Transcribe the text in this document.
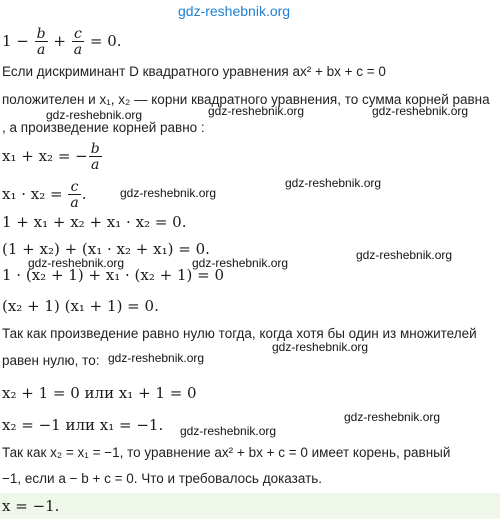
gdz-reshebnik.org
$1 - \frac{b}{a} + \frac{c}{a} = 0$.
Если дискриминант D квадратного уравнения ax² + bx + c = 0
положителен и x₁, x₂ — корни квадратного уравнения, то сумма корней равна
, а произведение корней равно :
gdz-reshebnik.org	gdz-reshebnik.org	gdz-reshebnik.org
x₁ + x₂ = − $\frac{b}{a}$
$x_1 \cdot x_2 = \frac{c}{a}$ .	gdz-reshebnik.org
gdz-reshebnik.org
1 + x₁ + x₂ + x₁ · x₂ = 0.
(1 + x₂) + (x₁ · x₂ + x₁) = 0.
gdz-reshebnik.org	gdz-reshebnik.org
gdz-reshebnik.org
1 · (x₂ + 1) + x₁ · (x₂ + 1) = 0
(x₂ + 1) (x₁ + 1) = 0.
Так как произведение равно нулю тогда, когда хотя бы один из множителей
gdz-reshebnik.org
равен нулю, то: gdz-reshebnik.org
x₂ + 1 = 0 или x₁ + 1 = 0
x₂ = −1 или x₁ = −1.	gdz-reshebnik.org
gdz-reshebnik.org
Так как x₂ = x₁ = −1, то уравнение ax² + bx + c = 0 имеет корень, равный
−1, если a − b + c = 0. Что и требовалось доказать.
x = −1.
